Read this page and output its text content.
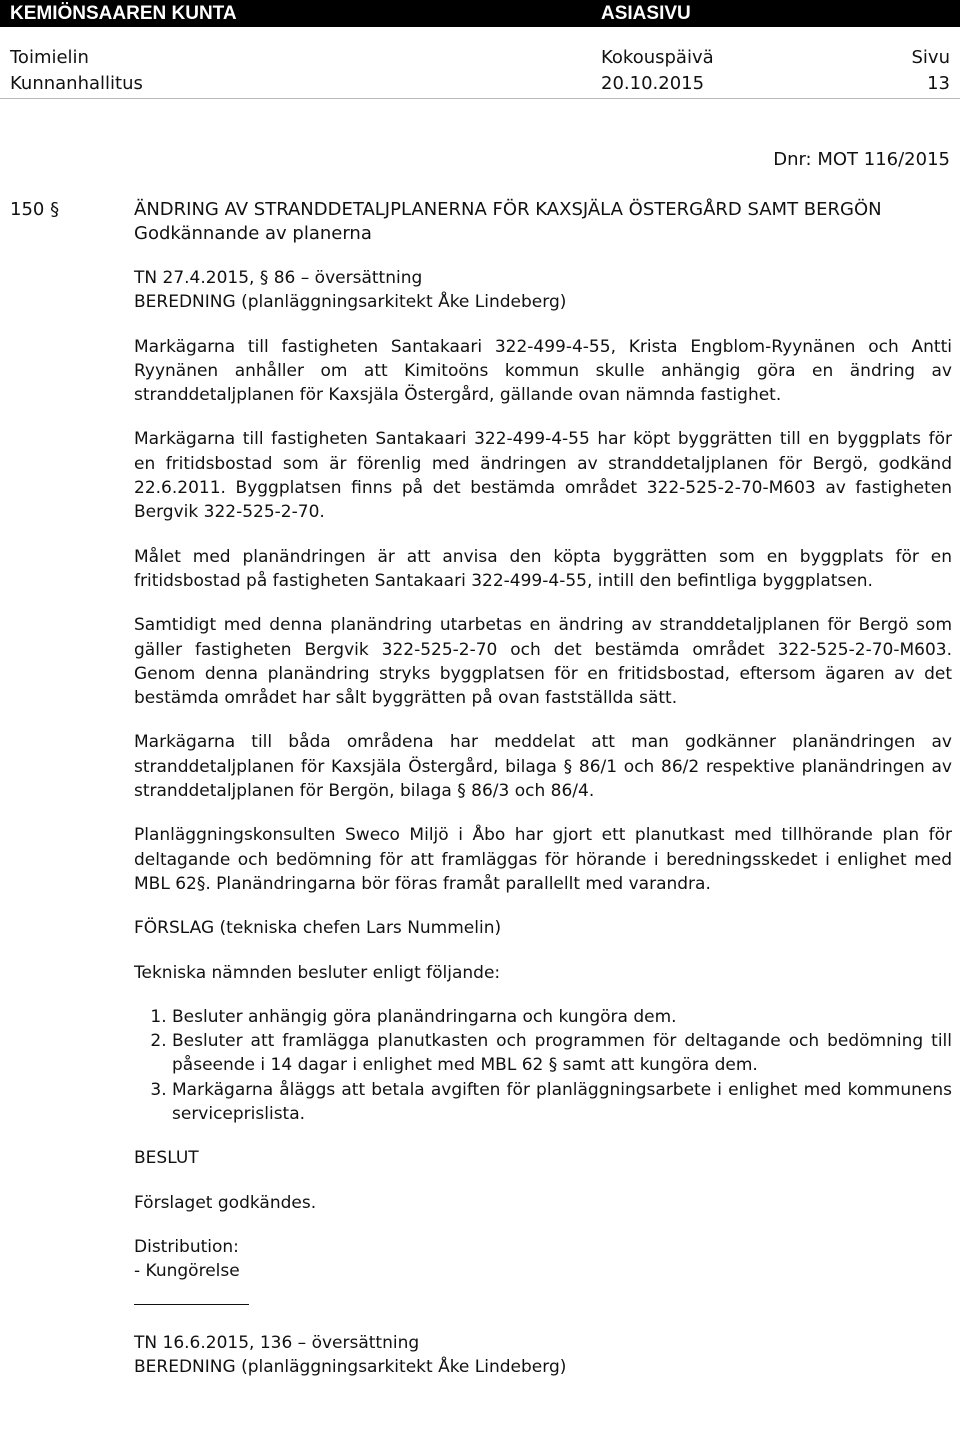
KEMIÖNSAAREN KUNTA	ASIASIVU
Toimielin	Kokouspäivä	Sivu
Kunnanhallitus	20.10.2015	13
Dnr: MOT 116/2015
150 §	ÄNDRING AV STRANDDETALJPLANERNA FÖR KAXSJÄLA ÖSTERGÅRD SAMT BERGÖN
Godkännande av planerna

TN 27.4.2015, § 86 – översättning

BEREDNING (planläggningsarkitekt Åke Lindeberg)

Markägarna till fastigheten Santakaari 322-499-4-55, Krista Engblom-Ryynänen och Antti Ryynänen anhåller om att Kimitoöns kommun skulle anhängig göra en ändring av stranddetaljplanen för Kaxsjäla Östergård, gällande ovan nämnda fastighet.

Markägarna till fastigheten Santakaari 322-499-4-55 har köpt byggrätten till en byggplats för en fritidsbostad som är förenlig med ändringen av stranddetaljplanen för Bergö, godkänd 22.6.2011. Byggplatsen finns på det bestämda området 322-525-2-70-M603 av fastigheten Bergvik 322-525-2-70.

Målet med planändringen är att anvisa den köpta byggrätten som en byggplats för en fritidsbostad på fastigheten Santakaari 322-499-4-55, intill den befintliga byggplatsen.

Samtidigt med denna planändring utarbetas en ändring av stranddetaljplanen för Bergö som gäller fastigheten Bergvik 322-525-2-70 och det bestämda området 322-525-2-70-M603. Genom denna planändring stryks byggplatsen för en fritidsbostad, eftersom ägaren av det bestämda området har sålt byggrätten på ovan fastställda sätt.

Markägarna till båda områdena har meddelat att man godkänner planändringen av stranddetaljplanen för Kaxsjäla Östergård, bilaga § 86/1 och 86/2 respektive planändringen av stranddetaljplanen för Bergön, bilaga § 86/3 och 86/4.

Planläggningskonsulten Sweco Miljö i Åbo har gjort ett planutkast med tillhörande plan för deltagande och bedömning för att framläggas för hörande i beredningsskedet i enlighet med MBL 62§. Planändringarna bör föras framåt parallellt med varandra.

FÖRSLAG (tekniska chefen Lars Nummelin)

Tekniska nämnden besluter enligt följande:

1. Besluter anhängig göra planändringarna och kungöra dem.
2. Besluter att framlägga planutkasten och programmen för deltagande och bedömning till påseende i 14 dagar i enlighet med MBL 62 § samt att kungöra dem.
3. Markägarna åläggs att betala avgiften för planläggningsarbete i enlighet med kommunens serviceprislista.

BESLUT

Förslaget godkändes.

Distribution:

- Kungörelse

TN 16.6.2015, 136 – översättning

BEREDNING (planläggningsarkitekt Åke Lindeberg)
